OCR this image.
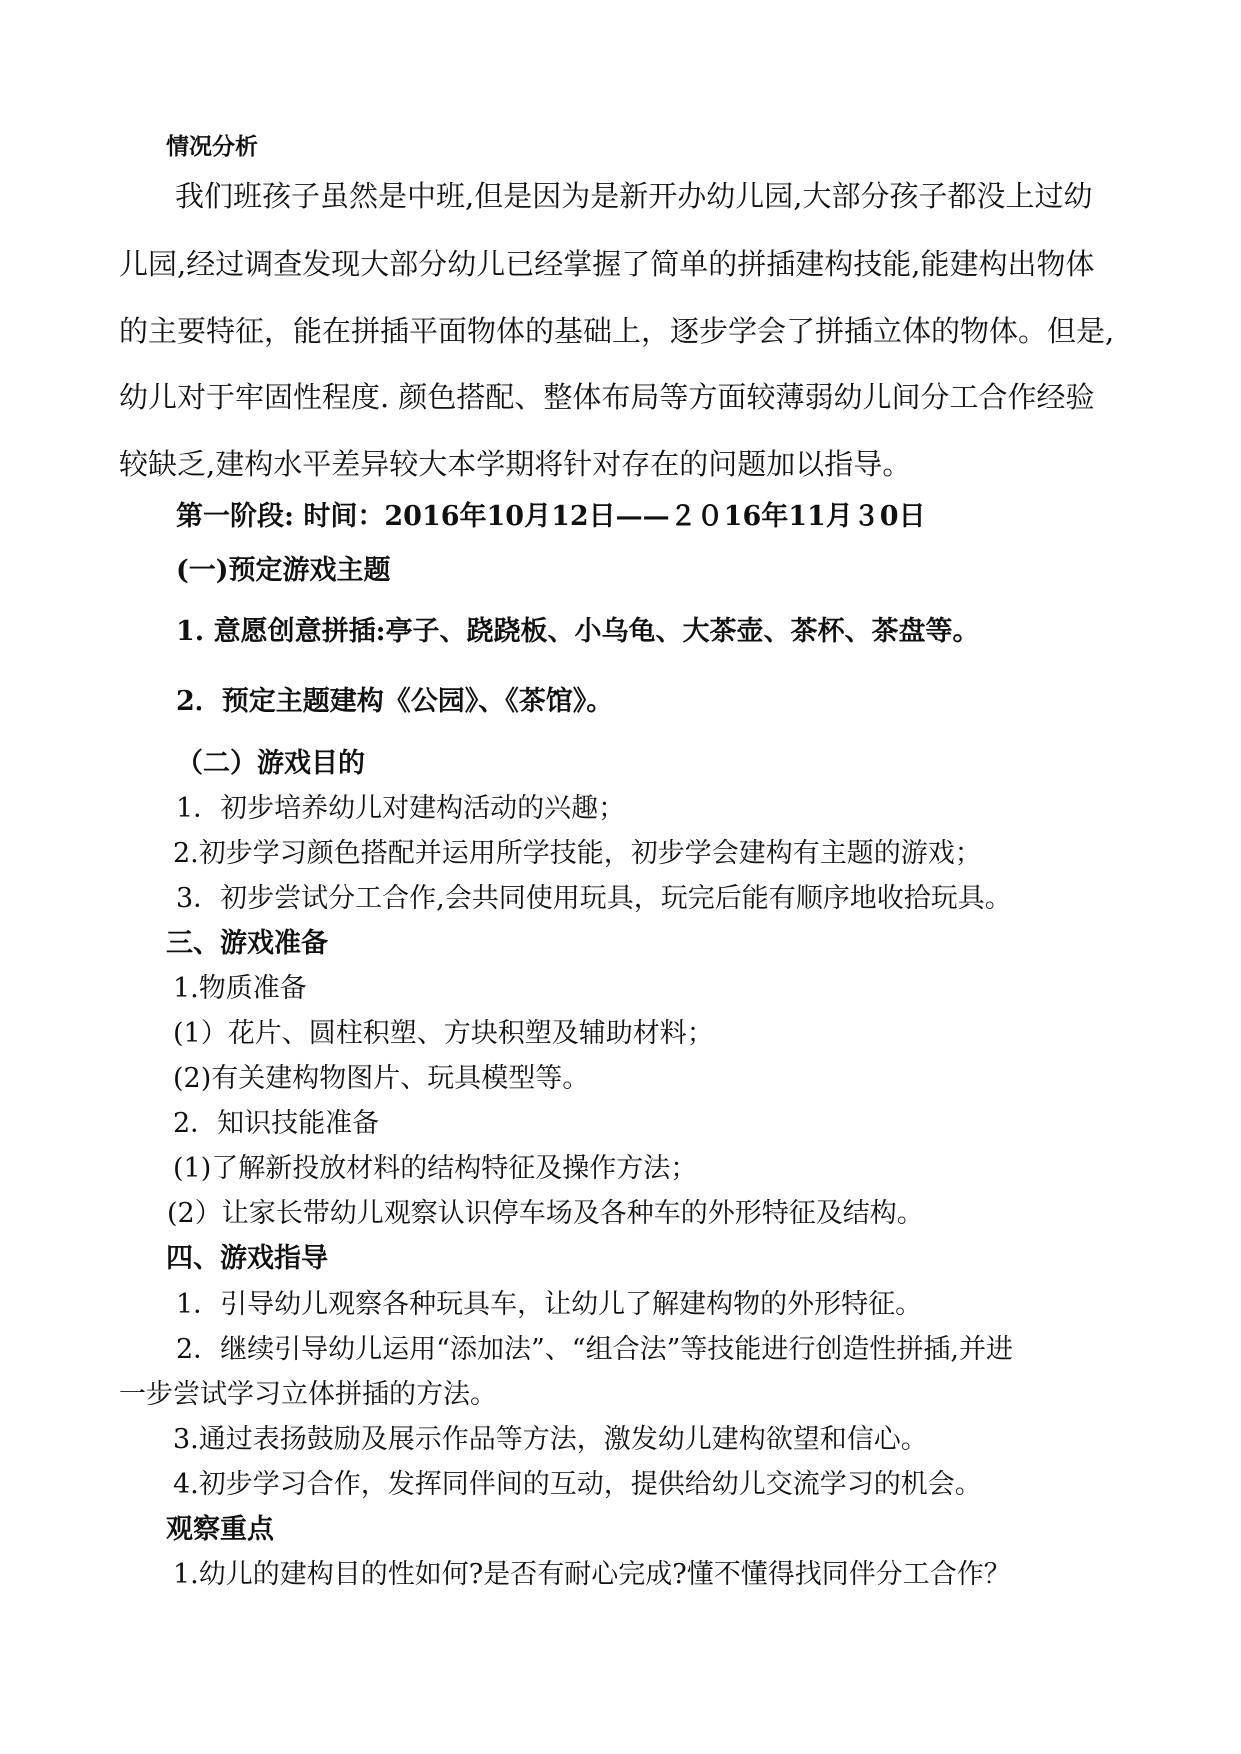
情况分析
我们班孩子虽然是中班,但是因为是新开办幼儿园,大部分孩子都没上过幼
儿园,经过调查发现大部分幼儿已经掌握了简单的拼插建构技能,能建构出物体
的主要特征，能在拼插平面物体的基础上，逐步学会了拼插立体的物体。但是,
幼儿对于牢固性程度. 颜色搭配、整体布局等方面较薄弱幼儿间分工合作经验
较缺乏,建构水平差异较大本学期将针对存在的问题加以指导。
第一阶段: 时间：2016年10月12日——２０16年11月３0日
(一)预定游戏主题
1. 意愿创意拼插:亭子、跷跷板、小乌龟、大茶壶、茶杯、茶盘等。
2．预定主题建构《公园》、《茶馆》。
（二）游戏目的
1．初步培养幼儿对建构活动的兴趣；
2.初步学习颜色搭配并运用所学技能，初步学会建构有主题的游戏；
3．初步尝试分工合作,会共同使用玩具，玩完后能有顺序地收拾玩具。
三、游戏准备
1.物质准备
(1）花片、圆柱积塑、方块积塑及辅助材料；
(2)有关建构物图片、玩具模型等。
2．知识技能准备
(1)了解新投放材料的结构特征及操作方法；
(2）让家长带幼儿观察认识停车场及各种车的外形特征及结构。
四、游戏指导
1．引导幼儿观察各种玩具车，让幼儿了解建构物的外形特征。
2．继续引导幼儿运用“添加法”、“组合法”等技能进行创造性拼插,并进
一步尝试学习立体拼插的方法。
3.通过表扬鼓励及展示作品等方法，激发幼儿建构欲望和信心。
4.初步学习合作，发挥同伴间的互动，提供给幼儿交流学习的机会。
观察重点
1.幼儿的建构目的性如何?是否有耐心完成?懂不懂得找同伴分工合作？
